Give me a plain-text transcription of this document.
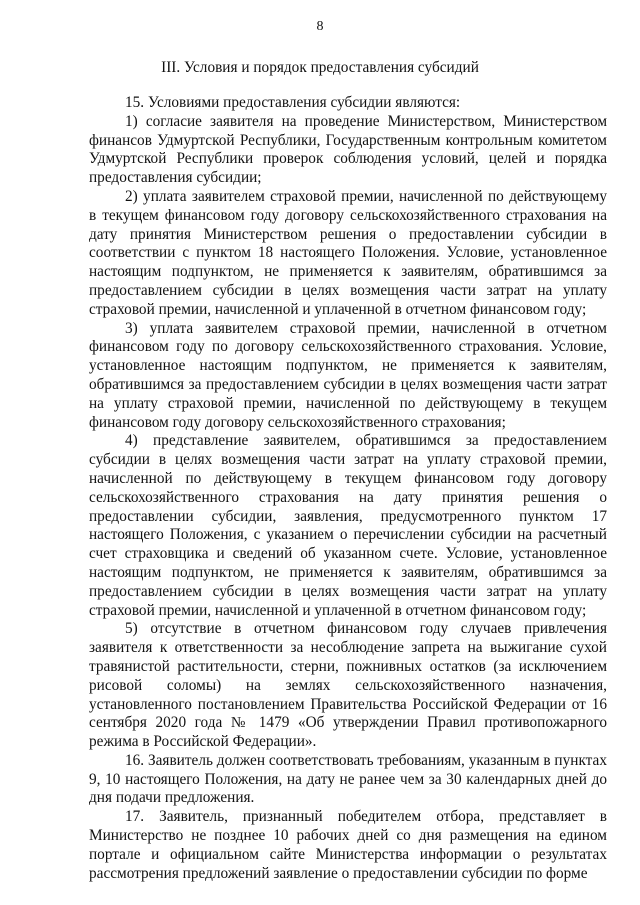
8
III. Условия и порядок предоставления субсидий

15. Условиями предоставления субсидии являются:

1) согласие заявителя на проведение Министерством, Министерством финансов Удмуртской Республики, Государственным контрольным комитетом Удмуртской Республики проверок соблюдения условий, целей и порядка предоставления субсидии;

2) уплата заявителем страховой премии, начисленной по действующему в текущем финансовом году договору сельскохозяйственного страхования на дату принятия Министерством решения о предоставлении субсидии в соответствии с пунктом 18 настоящего Положения. Условие, установленное настоящим подпунктом, не применяется к заявителям, обратившимся за предоставлением субсидии в целях возмещения части затрат на уплату страховой премии, начисленной и уплаченной в отчетном финансовом году;

3) уплата заявителем страховой премии, начисленной в отчетном финансовом году по договору сельскохозяйственного страхования. Условие, установленное настоящим подпунктом, не применяется к заявителям, обратившимся за предоставлением субсидии в целях возмещения части затрат на уплату страховой премии, начисленной по действующему в текущем финансовом году договору сельскохозяйственного страхования;

4) представление заявителем, обратившимся за предоставлением субсидии в целях возмещения части затрат на уплату страховой премии, начисленной по действующему в текущем финансовом году договору сельскохозяйственного страхования на дату принятия решения о предоставлении субсидии, заявления, предусмотренного пунктом 17 настоящего Положения, с указанием о перечислении субсидии на расчетный счет страховщика и сведений об указанном счете. Условие, установленное настоящим подпунктом, не применяется к заявителям, обратившимся за предоставлением субсидии в целях возмещения части затрат на уплату страховой премии, начисленной и уплаченной в отчетном финансовом году;

5) отсутствие в отчетном финансовом году случаев привлечения заявителя к ответственности за несоблюдение запрета на выжигание сухой травянистой растительности, стерни, пожнивных остатков (за исключением рисовой соломы) на землях сельскохозяйственного назначения, установленного постановлением Правительства Российской Федерации от 16 сентября 2020 года № 1479 «Об утверждении Правил противопожарного режима в Российской Федерации».

16. Заявитель должен соответствовать требованиям, указанным в пунктах 9, 10 настоящего Положения, на дату не ранее чем за 30 календарных дней до дня подачи предложения.

17. Заявитель, признанный победителем отбора, представляет в Министерство не позднее 10 рабочих дней со дня размещения на едином портале и официальном сайте Министерства информации о результатах рассмотрения предложений заявление о предоставлении субсидии по форме
